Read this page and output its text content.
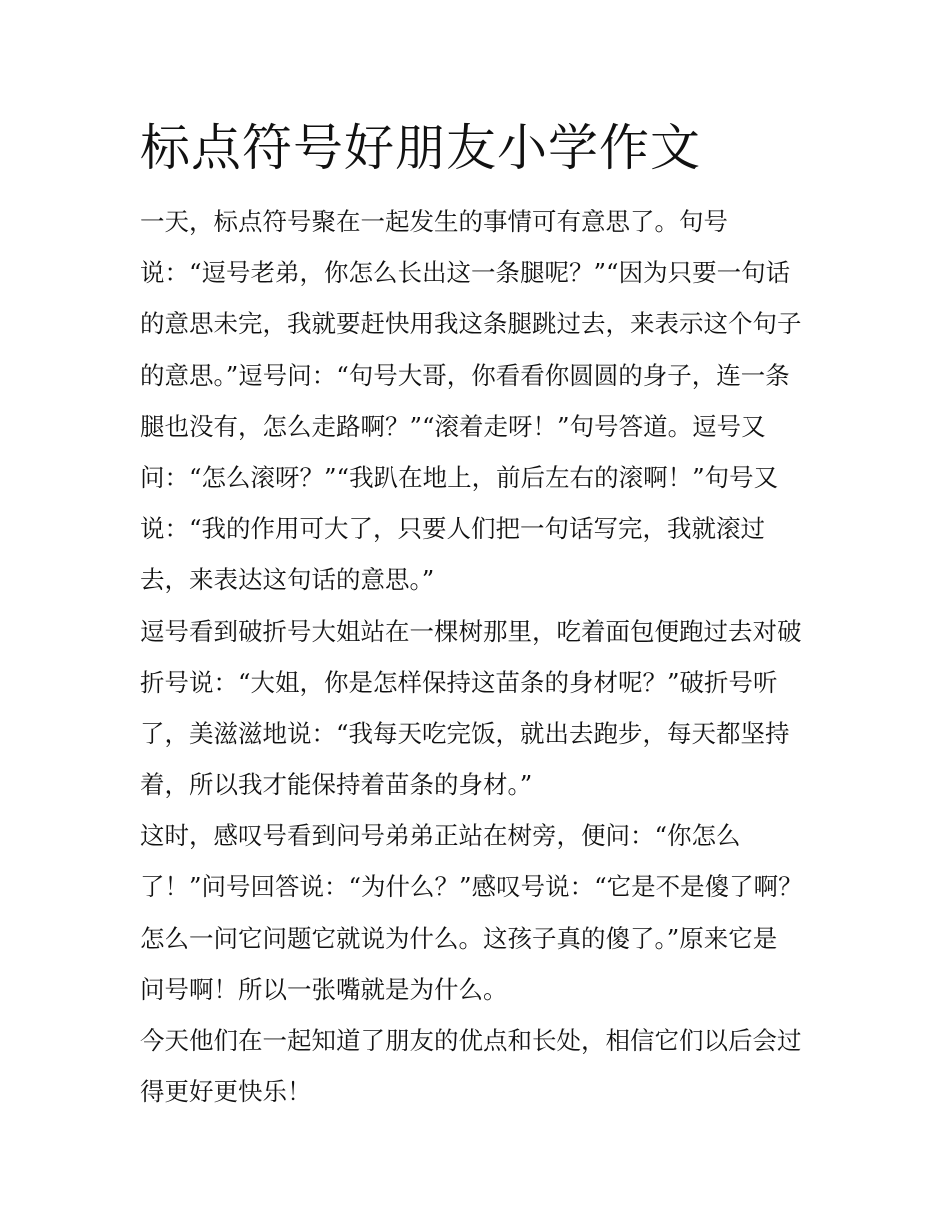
标点符号好朋友小学作文
一天，标点符号聚在一起发生的事情可有意思了。句号
说：“逗号老弟，你怎么长出这一条腿呢？”“因为只要一句话
的意思未完，我就要赶快用我这条腿跳过去，来表示这个句子
的意思。”逗号问：“句号大哥，你看看你圆圆的身子，连一条
腿也没有，怎么走路啊？”“滚着走呀！”句号答道。逗号又
问：“怎么滚呀？”“我趴在地上，前后左右的滚啊！”句号又
说：“我的作用可大了，只要人们把一句话写完，我就滚过
去，来表达这句话的意思。”
逗号看到破折号大姐站在一棵树那里，吃着面包便跑过去对破
折号说：“大姐，你是怎样保持这苗条的身材呢？”破折号听
了，美滋滋地说：“我每天吃完饭，就出去跑步，每天都坚持
着，所以我才能保持着苗条的身材。”
这时，感叹号看到问号弟弟正站在树旁，便问：“你怎么
了！”问号回答说：“为什么？”感叹号说：“它是不是傻了啊？
怎么一问它问题它就说为什么。这孩子真的傻了。”原来它是
问号啊！所以一张嘴就是为什么。
今天他们在一起知道了朋友的优点和长处，相信它们以后会过
得更好更快乐！
